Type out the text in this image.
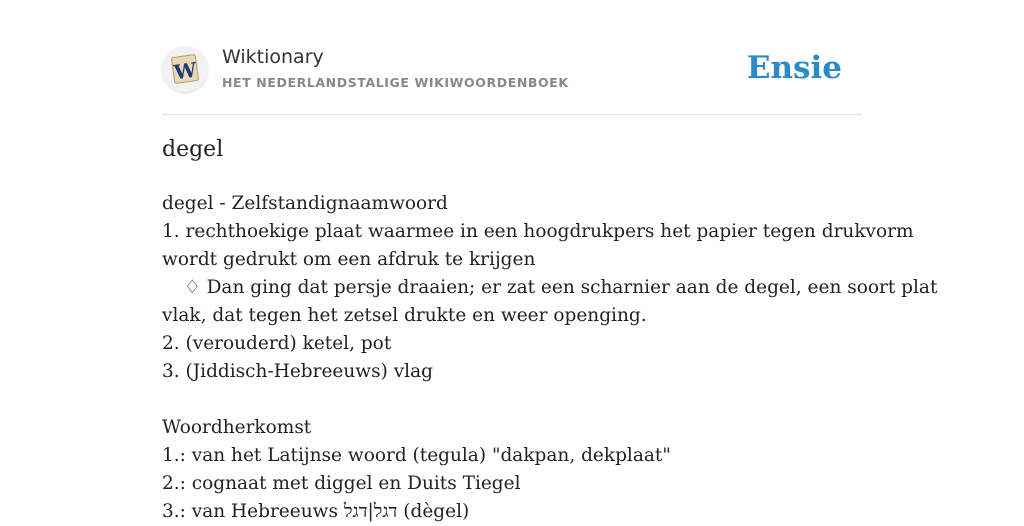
W
Wiktionary
HET NEDERLANDSTALIGE WIKIWOORDENBOEK	Ensie
degel
degel - Zelfstandignaamwoord
1. rechthoekige plaat waarmee in een hoogdrukpers het papier tegen drukvorm
wordt gedrukt om een afdruk te krijgen
♢ Dan ging dat persje draaien; er zat een scharnier aan de degel, een soort plat
vlak, dat tegen het zetsel drukte en weer openging.
2. (verouderd) ketel, pot
3. (Jiddisch-Hebreeuws) vlag
Woordherkomst
1.: van het Latijnse woord (tegula) "dakpan, dekplaat"
2.: cognaat met diggel en Duits Tiegel
3.: van Hebreeuws דגל|דגל (dègel)
